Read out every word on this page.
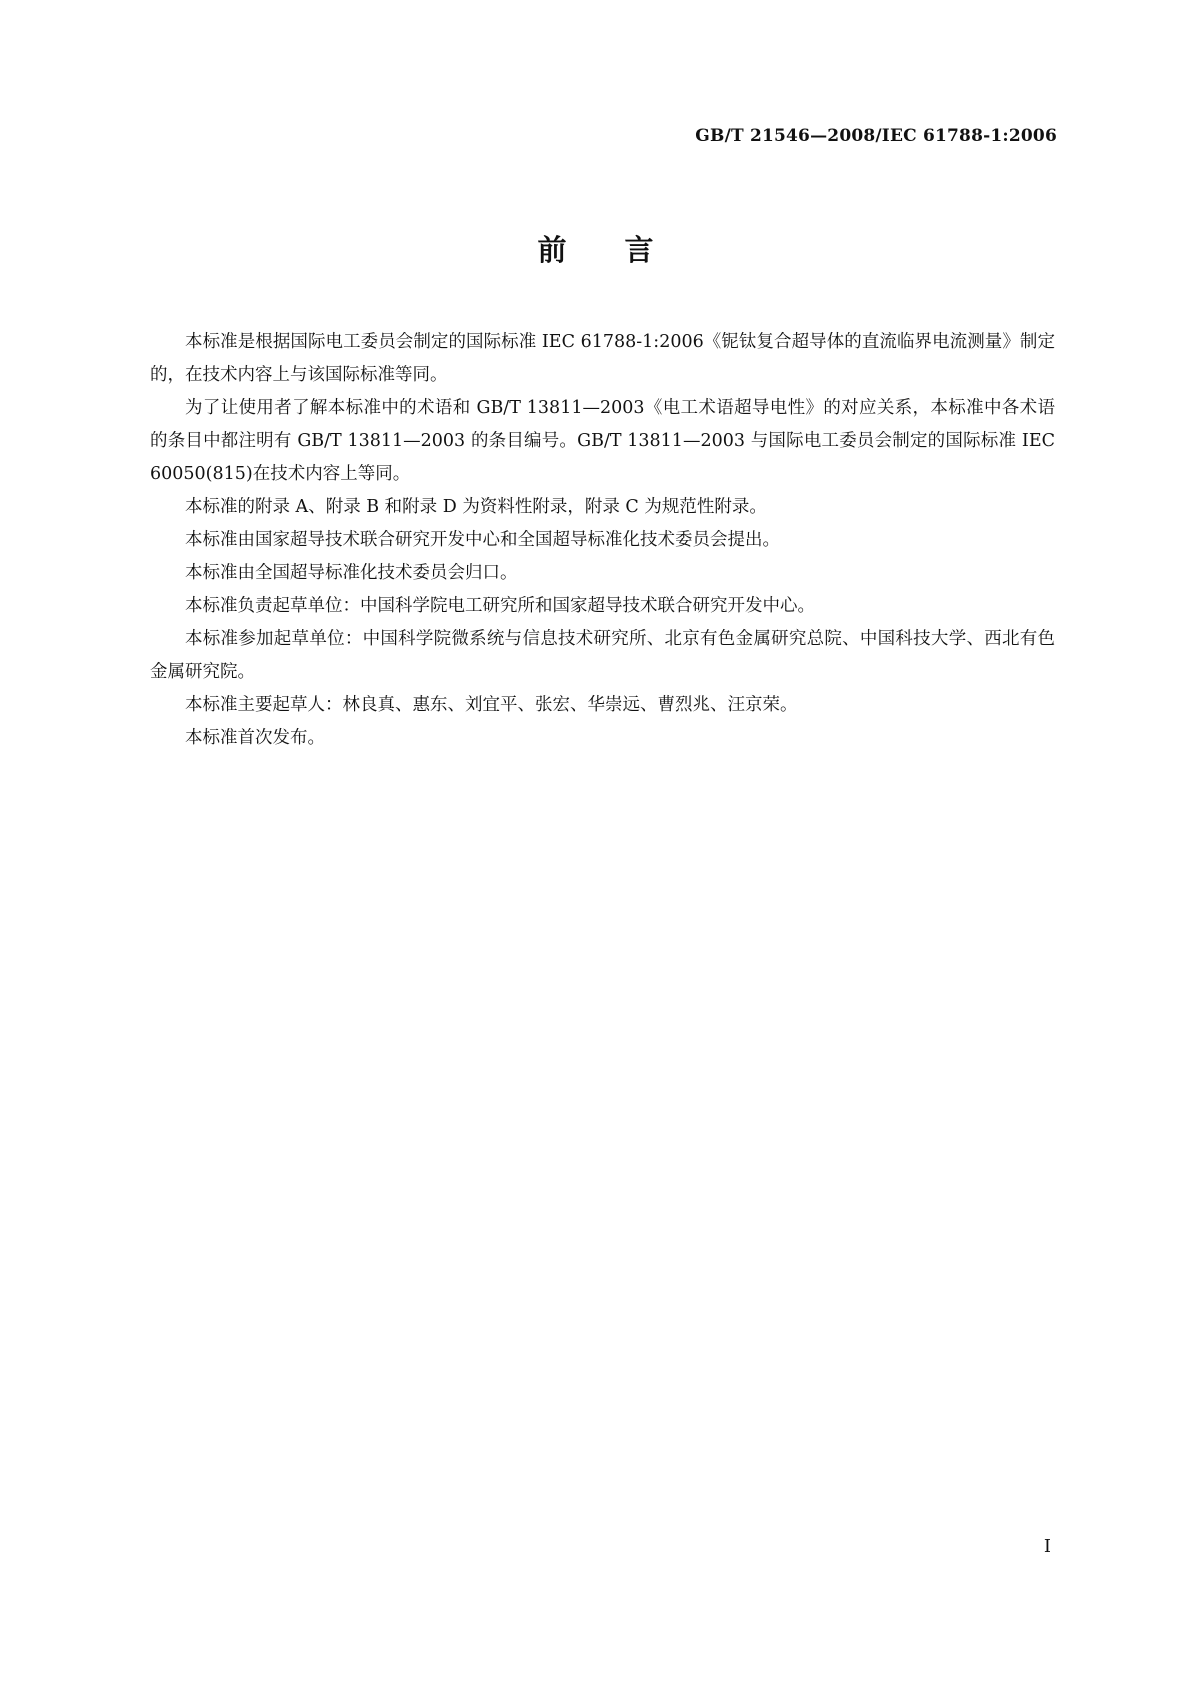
GB/T 21546—2008/IEC 61788-1:2006
前言

本标准是根据国际电工委员会制定的国际标准 IEC 61788-1:2006《铌钛复合超导体的直流临界电流测量》制定的，在技术内容上与该国际标准等同。

为了让使用者了解本标准中的术语和 GB/T 13811—2003《电工术语超导电性》的对应关系，本标准中各术语的条目中都注明有 GB/T 13811—2003 的条目编号。GB/T 13811—2003 与国际电工委员会制定的国际标准 IEC 60050(815)在技术内容上等同。

本标准的附录 A、附录 B 和附录 D 为资料性附录，附录 C 为规范性附录。

本标准由国家超导技术联合研究开发中心和全国超导标准化技术委员会提出。

本标准由全国超导标准化技术委员会归口。

本标准负责起草单位：中国科学院电工研究所和国家超导技术联合研究开发中心。

本标准参加起草单位：中国科学院微系统与信息技术研究所、北京有色金属研究总院、中国科技大学、西北有色金属研究院。

本标准主要起草人：林良真、惠东、刘宜平、张宏、华崇远、曹烈兆、汪京荣。

本标准首次发布。

I
